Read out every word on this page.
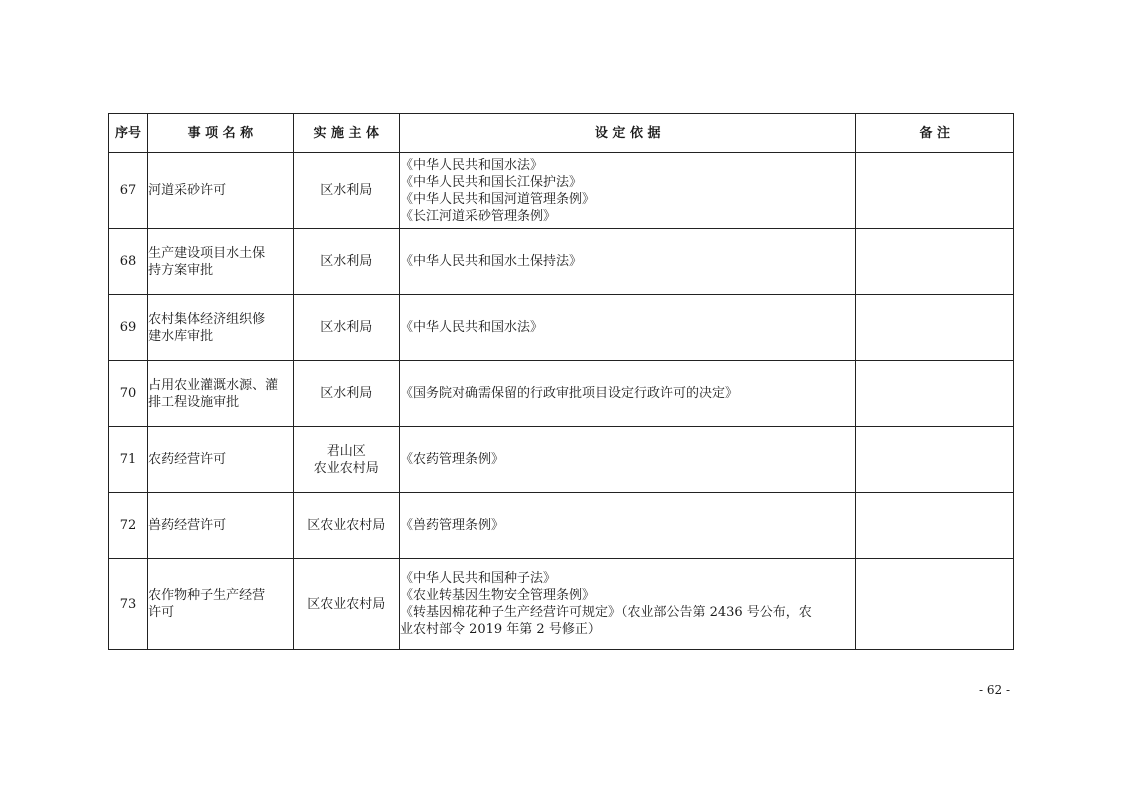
序号	事 项 名 称	实 施 主 体	设 定 依 据	备 注
67	河道采砂许可	区水利局	《中华人民共和国水法》
《中华人民共和国长江保护法》
《中华人民共和国河道管理条例》
《长江河道采砂管理条例》	

68	生产建设项目水土保
持方案审批	区水利局	《中华人民共和国水土保持法》	

69	农村集体经济组织修
建水库审批	区水利局	《中华人民共和国水法》	

70	占用农业灌溉水源、灌
排工程设施审批	区水利局	《国务院对确需保留的行政审批项目设定行政许可的决定》	

71	农药经营许可	君山区
农业农村局	《农药管理条例》	

72	兽药经营许可	区农业农村局	《兽药管理条例》	

73	农作物种子生产经营
许可	区农业农村局	《中华人民共和国种子法》
《农业转基因生物安全管理条例》
《转基因棉花种子生产经营许可规定》（农业部公告第 2436 号公布，农
业农村部令 2019 年第 2 号修正）	

- 62 -
